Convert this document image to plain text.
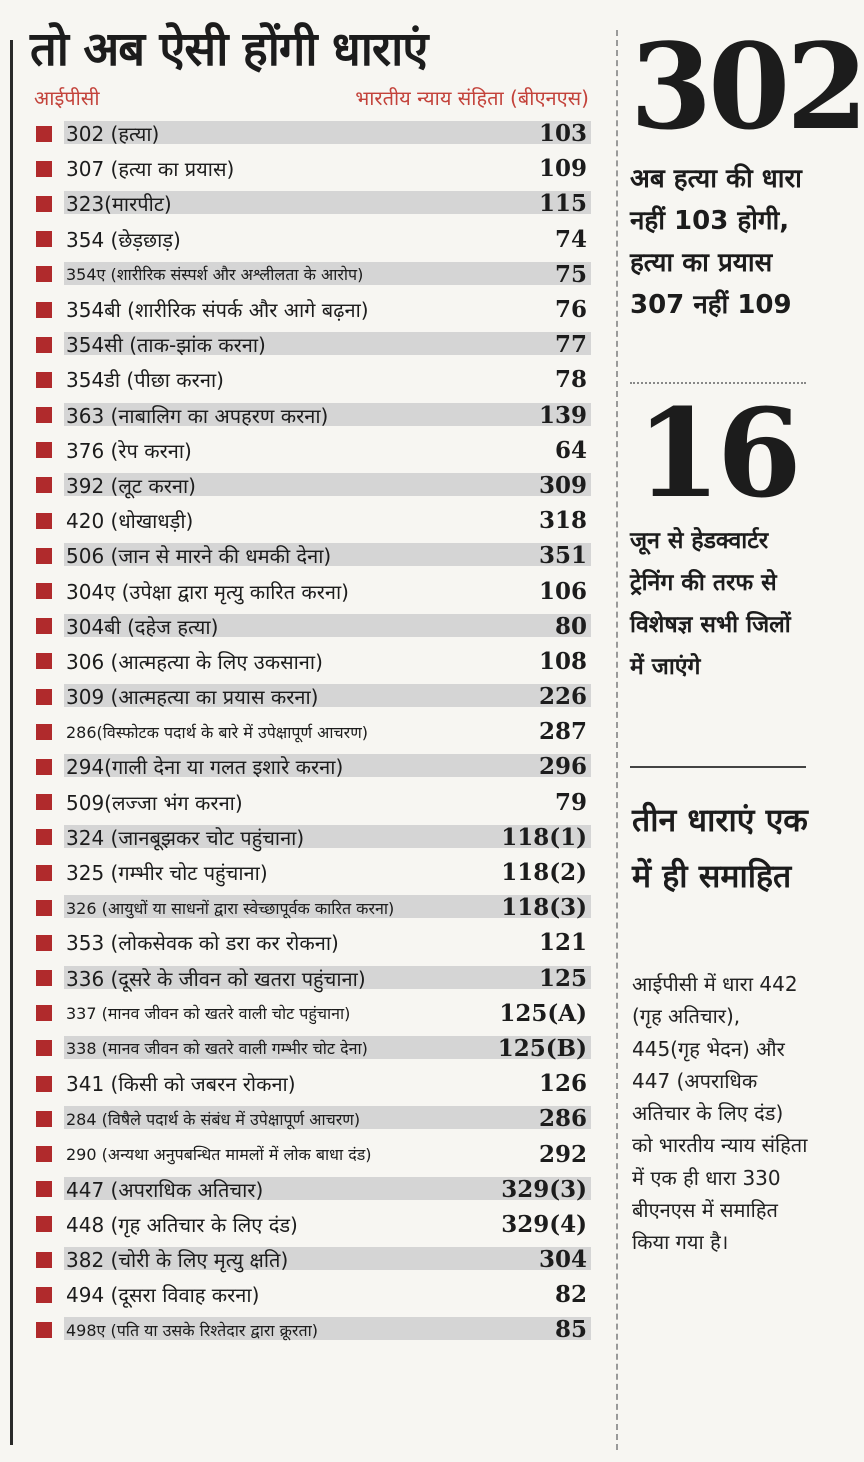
तो अब ऐसी होंगी धाराएं
आईपीसी	भारतीय न्याय संहिता (बीएनएस)
302 (हत्या)	103
307 (हत्या का प्रयास)	109
323(मारपीट)	115
354 (छेड़छाड़)	74
354ए (शारीरिक संस्पर्श और अश्लीलता के आरोप)	75
354बी (शारीरिक संपर्क और आगे बढ़ना)	76
354सी (ताक-झांक करना)	77
354डी (पीछा करना)	78
363 (नाबालिग का अपहरण करना)	139
376 (रेप करना)	64
392 (लूट करना)	309
420 (धोखाधड़ी)	318
506 (जान से मारने की धमकी देना)	351
304ए (उपेक्षा द्वारा मृत्यु कारित करना)	106
304बी (दहेज हत्या)	80
306 (आत्महत्या के लिए उकसाना)	108
309 (आत्महत्या का प्रयास करना)	226
286(विस्फोटक पदार्थ के बारे में उपेक्षापूर्ण आचरण)	287
294(गाली देना या गलत इशारे करना)	296
509(लज्जा भंग करना)	79
324 (जानबूझकर चोट पहुंचाना)	118(1)
325 (गम्भीर चोट पहुंचाना)	118(2)
326 (आयुधों या साधनों द्वारा स्वेच्छापूर्वक कारित करना)	118(3)
353 (लोकसेवक को डरा कर रोकना)	121
336 (दूसरे के जीवन को खतरा पहुंचाना)	125
337 (मानव जीवन को खतरे वाली चोट पहुंचाना)	125(A)
338 (मानव जीवन को खतरे वाली गम्भीर चोट देना)	125(B)
341 (किसी को जबरन रोकना)	126
284 (विषैले पदार्थ के संबंध में उपेक्षापूर्ण आचरण)	286
290 (अन्यथा अनुपबन्धित मामलों में लोक बाधा दंड)	292
447 (अपराधिक अतिचार)	329(3)
448 (गृह अतिचार के लिए दंड)	329(4)
382 (चोरी के लिए मृत्यु क्षति)	304
494 (दूसरा विवाह करना)	82
498ए (पति या उसके रिश्तेदार द्वारा क्रूरता)	85
302
अब हत्या की धारा नहीं 103 होगी, हत्या का प्रयास 307 नहीं 109
16
जून से हेडक्वार्टर ट्रेनिंग की तरफ से विशेषज्ञ सभी जिलों में जाएंगे
तीन धाराएं एक में ही समाहित
आईपीसी में धारा 442 (गृह अतिचार), 445(गृह भेदन) और 447 (अपराधिक अतिचार के लिए दंड) को भारतीय न्याय संहिता में एक ही धारा 330 बीएनएस में समाहित किया गया है।
